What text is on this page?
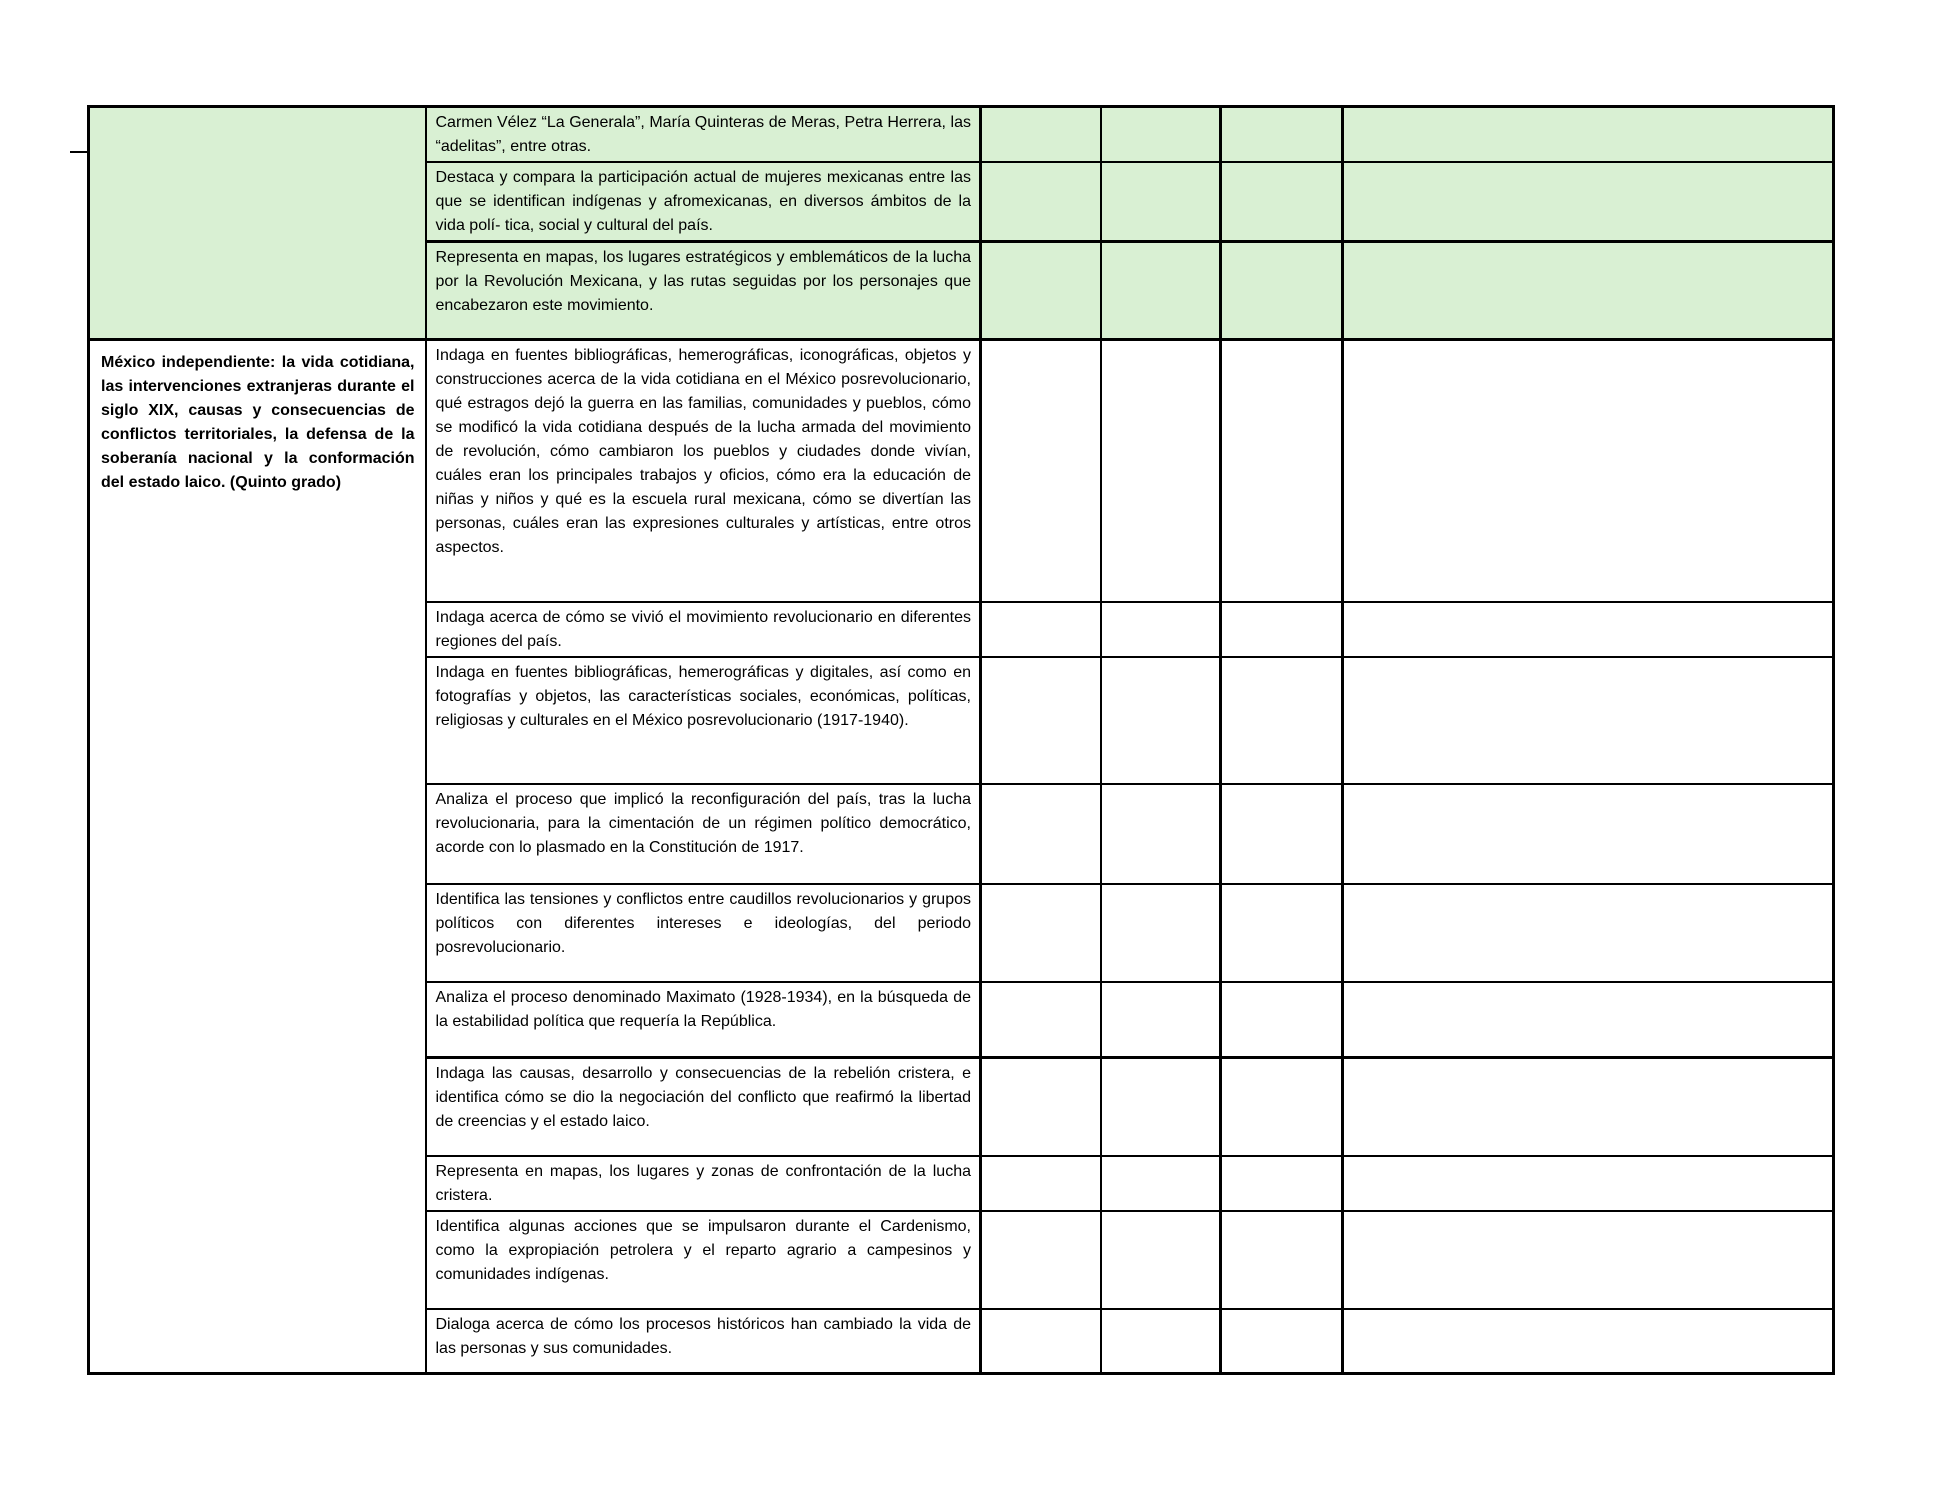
	Carmen Vélez “La Generala”, María Quinteras de Meras, Petra Herrera, las “adelitas”, entre otras.				
	Destaca y compara la participación actual de mujeres mexicanas entre las que se identifican indígenas y afromexicanas, en diversos ámbitos de la vida polí- tica, social y cultural del país.				
	Representa en mapas, los lugares estratégicos y emblemáticos de la lucha por la Revolución Mexicana, y las rutas seguidas por los personajes que encabezaron este movimiento.				
México independiente: la vida cotidiana, las intervenciones extranjeras durante el siglo XIX, causas y consecuencias de conflictos territoriales, la defensa de la soberanía nacional y la conformación del estado laico. (Quinto grado)	Indaga en fuentes bibliográficas, hemerográficas, iconográficas, objetos y construcciones acerca de la vida cotidiana en el México posrevolucionario, qué estragos dejó la guerra en las familias, comunidades y pueblos, cómo se modificó la vida cotidiana después de la lucha armada del movimiento de revolución, cómo cambiaron los pueblos y ciudades donde vivían, cuáles eran los principales trabajos y oficios, cómo era la educación de niñas y niños y qué es la escuela rural mexicana, cómo se divertían las personas, cuáles eran las expresiones culturales y artísticas, entre otros aspectos.				
	Indaga acerca de cómo se vivió el movimiento revolucionario en diferentes regiones del país.				
	Indaga en fuentes bibliográficas, hemerográficas y digitales, así como en fotografías y objetos, las características sociales, económicas, políticas, religiosas y culturales en el México posrevolucionario (1917-1940).				
	Analiza el proceso que implicó la reconfiguración del país, tras la lucha revolucionaria, para la cimentación de un régimen político democrático, acorde con lo plasmado en la Constitución de 1917.				
	Identifica las tensiones y conflictos entre caudillos revolucionarios y grupos políticos con diferentes intereses e ideologías, del periodo posrevolucionario.				
	Analiza el proceso denominado Maximato (1928-1934), en la búsqueda de la estabilidad política que requería la República.				
	Indaga las causas, desarrollo y consecuencias de la rebelión cristera, e identifica cómo se dio la negociación del conflicto que reafirmó la libertad de creencias y el estado laico.				
	Representa en mapas, los lugares y zonas de confrontación de la lucha cristera.				
	Identifica algunas acciones que se impulsaron durante el Cardenismo, como la expropiación petrolera y el reparto agrario a campesinos y comunidades indígenas.				
	Dialoga acerca de cómo los procesos históricos han cambiado la vida de las personas y sus comunidades.				
